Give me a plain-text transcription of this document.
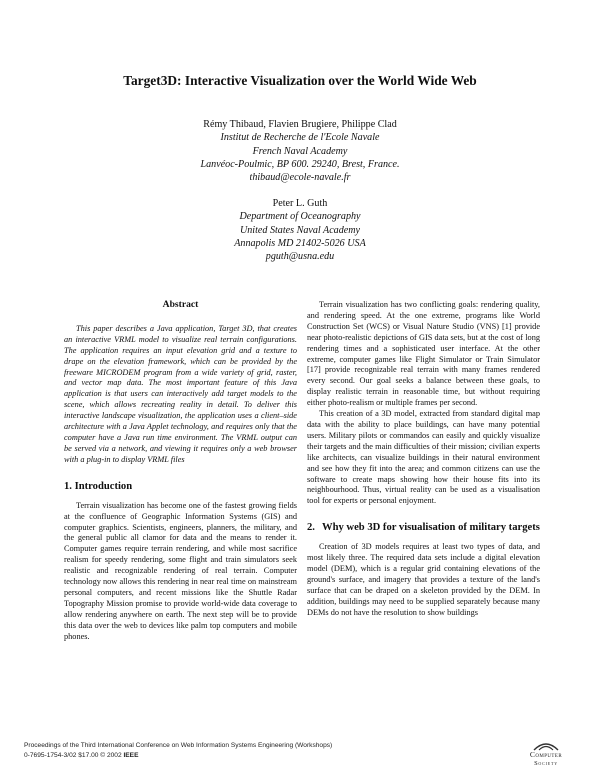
Target3D: Interactive Visualization over the World Wide Web
Rémy Thibaud, Flavien Brugiere, Philippe Clad
Institut de Recherche de l'Ecole Navale
French Naval Academy
Lanvéoc-Poulmic, BP 600. 29240, Brest, France.
thibaud@ecole-navale.fr
Peter L. Guth
Department of Oceanography
United States Naval Academy
Annapolis MD 21402-5026 USA
pguth@usna.edu
Abstract

This paper describes a Java application, Target 3D, that creates an interactive VRML model to visualize real terrain configurations. The application requires an input elevation grid and a texture to drape on the elevation framework, which can be provided by the freeware MICRODEM program from a wide variety of grid, raster, and vector map data. The most important feature of this Java application is that users can interactively add target models to the scene, which allows recreating reality in detail. To deliver this interactive landscape visualization, the application uses a client–side architecture with a Java Applet technology, and requires only that the computer have a Java run time environment. The VRML output can be served via a network, and viewing it requires only a web browser with a plug-in to display VRML files

1. Introduction

Terrain visualization has become one of the fastest growing fields at the confluence of Geographic Information Systems (GIS) and computer graphics. Scientists, engineers, planners, the military, and the general public all clamor for data and the means to render it. Computer games require terrain rendering, and while most sacrifice realism for speedy rendering, some flight and train simulators seek realistic and recognizable rendering of real terrain. Computer technology now allows this rendering in near real time on mainstream personal computers, and recent missions like the Shuttle Radar Topography Mission promise to provide world-wide data coverage to allow rendering anywhere on earth. The next step will be to provide this data over the web to devices like palm top computers and mobile phones.

Terrain visualization has two conflicting goals: rendering quality, and rendering speed. At the one extreme, programs like World Construction Set (WCS) or Visual Nature Studio (VNS) [1] provide near photo-realistic depictions of GIS data sets, but at the cost of long rendering times and a sophisticated user interface. At the other extreme, computer games like Flight Simulator or Train Simulator [17] provide recognizable real terrain with many frames rendered every second. Our goal seeks a balance between these goals, to display realistic terrain in reasonable time, but without requiring either photo-realism or multiple frames per second.

This creation of a 3D model, extracted from standard digital map data with the ability to place buildings, can have many potential users. Military pilots or commandos can easily and quickly visualize their targets and the main difficulties of their mission; civilian experts like architects, can visualize buildings in their natural environment and see how they fit into the area; and common citizens can use the software to create maps showing how their house fits into its neighbourhood. Thus, virtual reality can be used as a visualisation tool for experts or personal enjoyment.

2. Why web 3D for visualisation of military targets

Creation of 3D models requires at least two types of data, and most likely three. The required data sets include a digital elevation model (DEM), which is a regular grid containing elevations of the ground's surface, and imagery that provides a texture of the land's surface that can be draped on a skeleton provided by the DEM. In addition, buildings may need to be supplied separately because many DEMs do not have the resolution to show buildings

Proceedings of the Third International Conference on Web Information Systems Engineering (Workshops)
0-7695-1754-3/02 $17.00 © 2002 IEEE	Computer
Society
